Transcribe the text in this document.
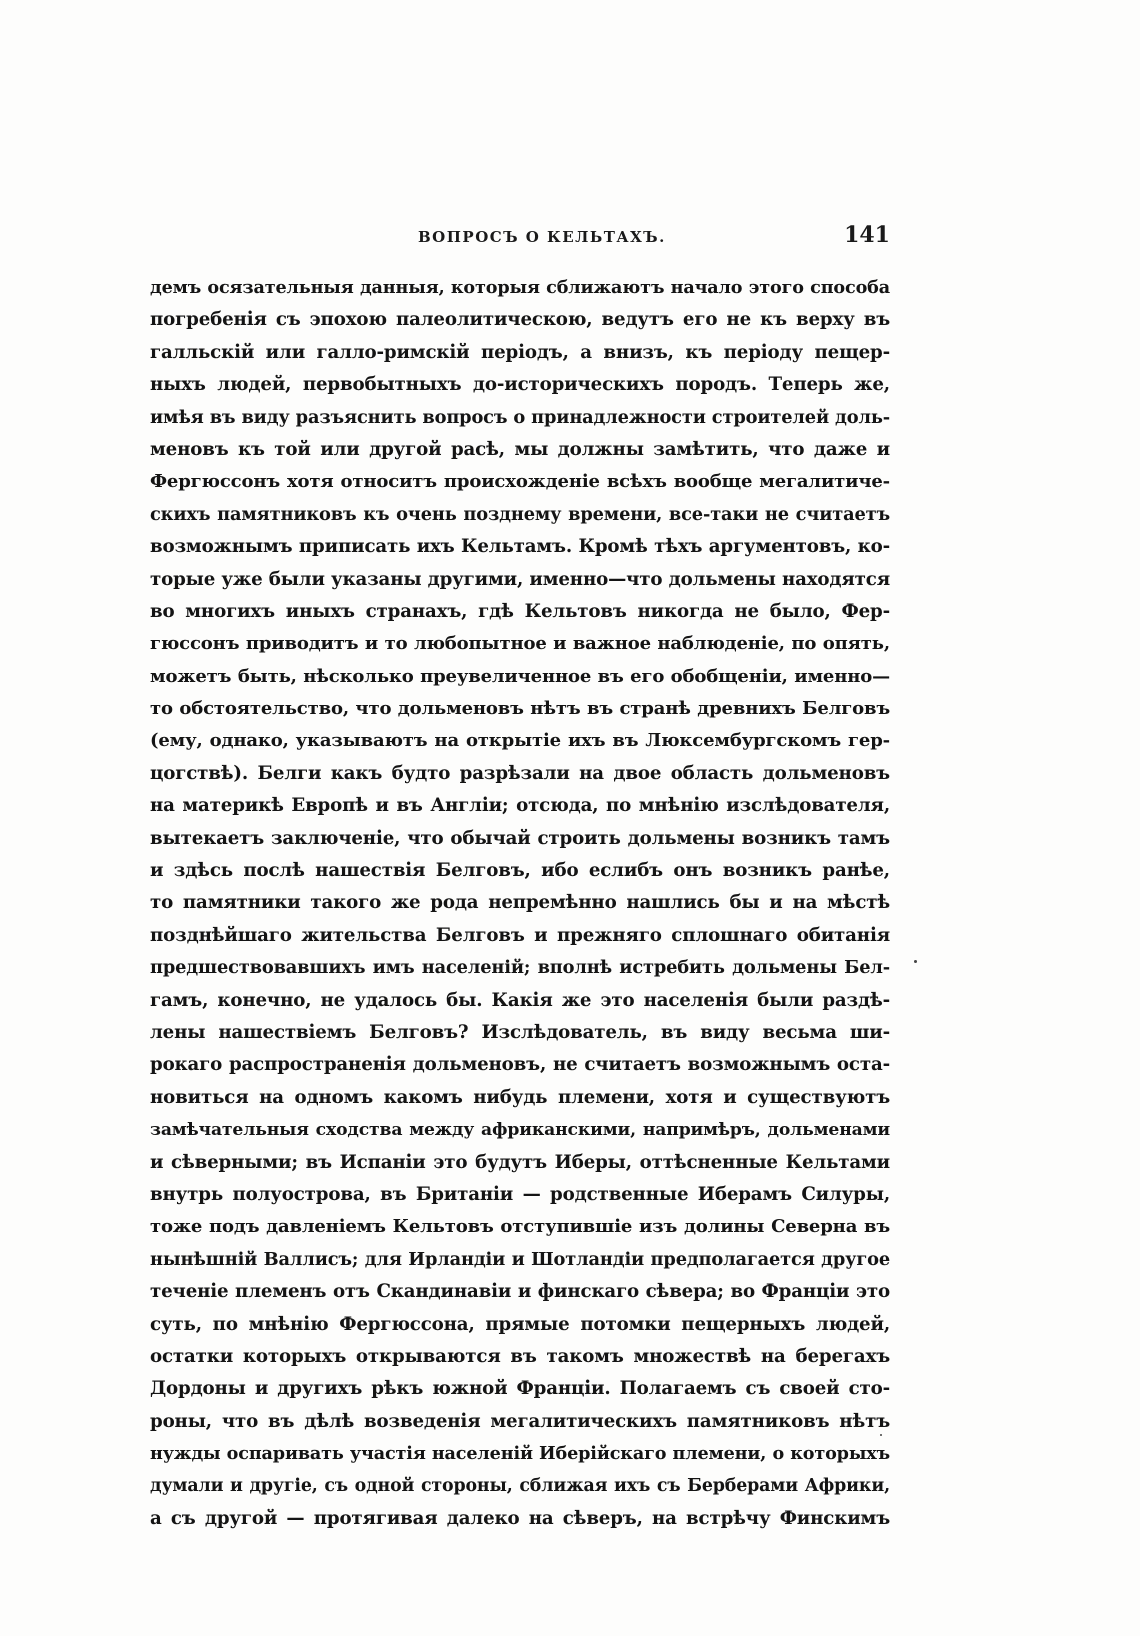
ВОПРОСЪ О КЕЛЬТАХЪ.	141
демъ осязательныя данныя, которыя сближаютъ начало этого способа
погребенія съ эпохою палеолитическою, ведутъ его не къ верху въ
галльскій или галло-римскій періодъ, а внизъ, къ періоду пещер-
ныхъ людей, первобытныхъ до-историческихъ породъ. Теперь же,
имѣя въ виду разъяснить вопросъ о принадлежности строителей доль-
меновъ къ той или другой расѣ, мы должны замѣтить, что даже и
Фергюссонъ хотя относитъ происхожденіе всѣхъ вообще мегалитиче-
скихъ памятниковъ къ очень позднему времени, все-таки не считаетъ
возможнымъ приписать ихъ Кельтамъ. Кромѣ тѣхъ аргументовъ, ко-
торые уже были указаны другими, именно—что дольмены находятся
во многихъ иныхъ странахъ, гдѣ Кельтовъ никогда не было, Фер-
гюссонъ приводитъ и то любопытное и важное наблюденіе, по опять,
можетъ быть, нѣсколько преувеличенное въ его обобщеніи, именно—
то обстоятельство, что дольменовъ нѣтъ въ странѣ древнихъ Белговъ
(ему, однако, указываютъ на открытіе ихъ въ Люксембургскомъ гер-
цогствѣ). Белги какъ будто разрѣзали на двое область дольменовъ
на материкѣ Европѣ и въ Англіи; отсюда, по мнѣнію изслѣдователя,
вытекаетъ заключеніе, что обычай строить дольмены возникъ тамъ
и здѣсь послѣ нашествія Белговъ, ибо еслибъ онъ возникъ ранѣе,
то памятники такого же рода непремѣнно нашлись бы и на мѣстѣ
позднѣйшаго жительства Белговъ и прежняго сплошнаго обитанія
предшествовавшихъ имъ населеній; вполнѣ истребить дольмены Бел-
гамъ, конечно, не удалось бы. Какія же это населенія были раздѣ-
лены нашествіемъ Белговъ? Изслѣдователь, въ виду весьма ши-
рокаго распространенія дольменовъ, не считаетъ возможнымъ оста-
новиться на одномъ какомъ нибудь племени, хотя и существуютъ
замѣчательныя сходства между африканскими, напримѣръ, дольменами
и сѣверными; въ Испаніи это будутъ Иберы, оттѣсненные Кельтами
внутрь полуострова, въ Британіи — родственные Иберамъ Силуры,
тоже подъ давленіемъ Кельтовъ отступившіе изъ долины Северна въ
нынѣшній Валлисъ; для Ирландіи и Шотландіи предполагается другое
теченіе племенъ отъ Скандинавіи и финскаго сѣвера; во Франціи это
суть, по мнѣнію Фергюссона, прямые потомки пещерныхъ людей,
остатки которыхъ открываются въ такомъ множествѣ на берегахъ
Дордоны и другихъ рѣкъ южной Франціи. Полагаемъ съ своей сто-
роны, что въ дѣлѣ возведенія мегалитическихъ памятниковъ нѣтъ
нужды оспаривать участія населеній Иберійскаго племени, о которыхъ
думали и другіе, съ одной стороны, сближая ихъ съ Берберами Африки,
а съ другой — протягивая далеко на сѣверъ, на встрѣчу Финскимъ
